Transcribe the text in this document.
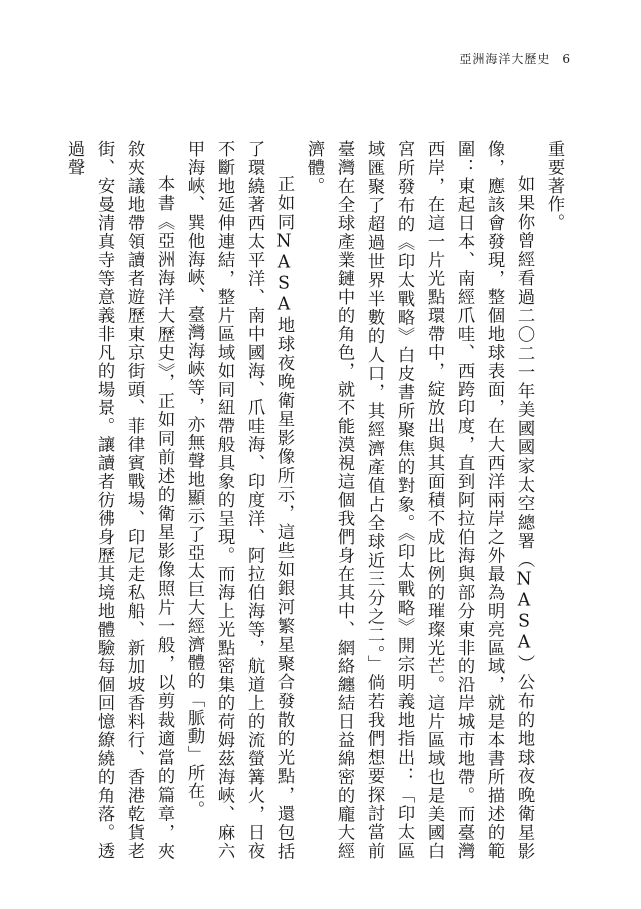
亞洲海洋大歷史 6

重要著作。

如果你曾經看過二〇二一年美國國家太空總署（NASA）公布的地球夜晚衛星影像，應該會發現，整個地球表面，在大西洋兩岸之外最為明亮區域，就是本書所描述的範圍：東起日本、南經爪哇、西跨印度，直到阿拉伯海與部分東非的沿岸城市地帶。而臺灣西岸，在這一片光點環帶中，綻放出與其面積不成比例的璀璨光芒。這片區域也是美國白宮所發布的《印太戰略》白皮書所聚焦的對象。《印太戰略》開宗明義地指出：「印太區域匯聚了超過世界半數的人口，其經濟產值占全球近三分之二。」倘若我們想要探討當前臺灣在全球產業鏈中的角色，就不能漠視這個我們身在其中、網絡纏結日益綿密的龐大經濟體。

正如同NASA地球夜晚衛星影像所示，這些如銀河繁星聚合發散的光點，還包括了環繞著西太平洋、南中國海、爪哇海、印度洋、阿拉伯海等，航道上的流螢篝火，日夜不斷地延伸連結，整片區域如同紐帶般具象的呈現。而海上光點密集的荷姆茲海峽、麻六甲海峽、巽他海峽、臺灣海峽等，亦無聲地顯示了亞太巨大經濟體的「脈動」所在。

本書《亞洲海洋大歷史》，正如同前述的衛星影像照片一般，以剪裁適當的篇章，夾敘夾議地帶領讀者遊歷東京街頭、菲律賓戰場、印尼走私船、新加坡香料行、香港乾貨老街、安曼清真寺等意義非凡的場景。讓讀者彷彿身歷其境地體驗每個回憶繚繞的角落。透過聲
